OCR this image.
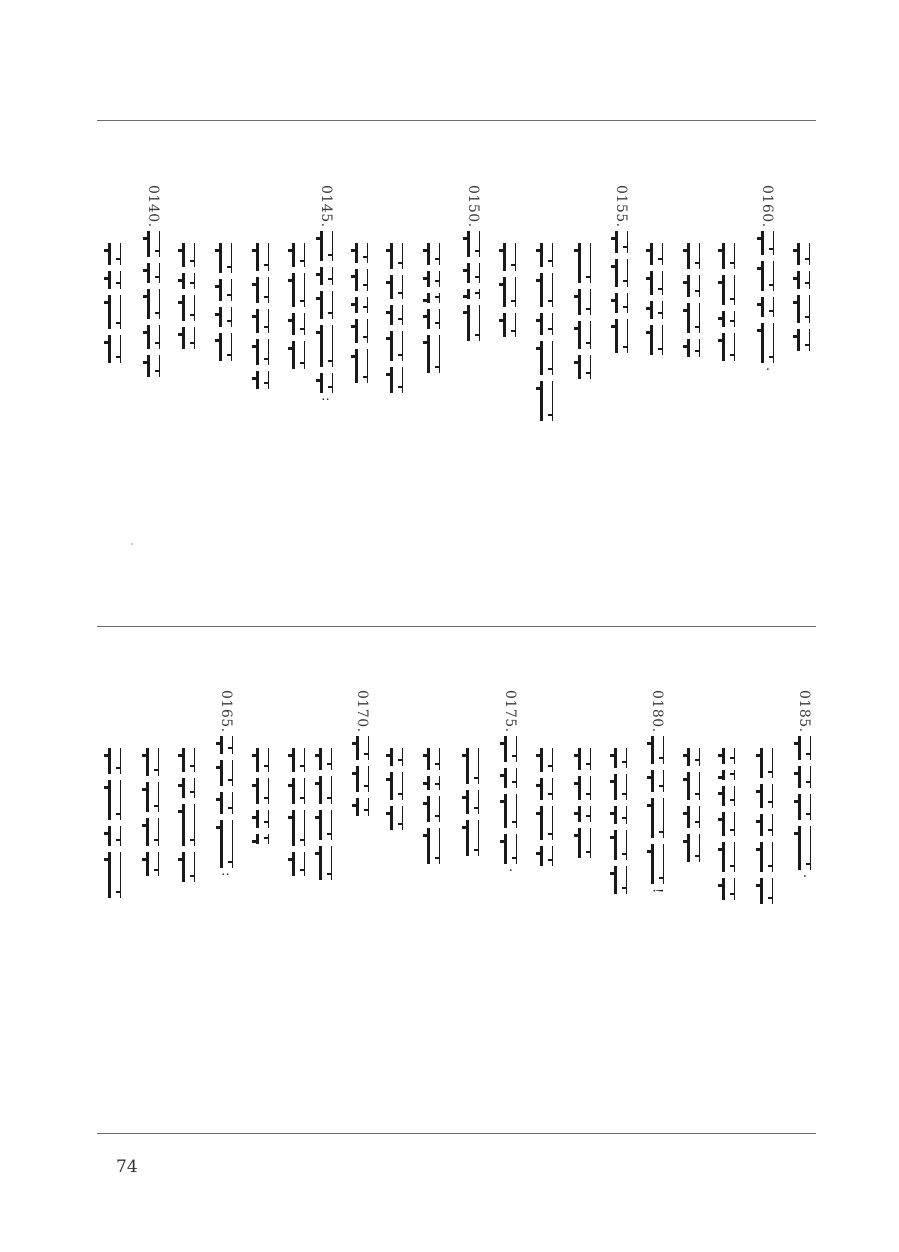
0140.	0145.
:
0150.	0155.	0160.
·
0165.
:
0170.	0175.
·
0180.
!
0185.
·
74
